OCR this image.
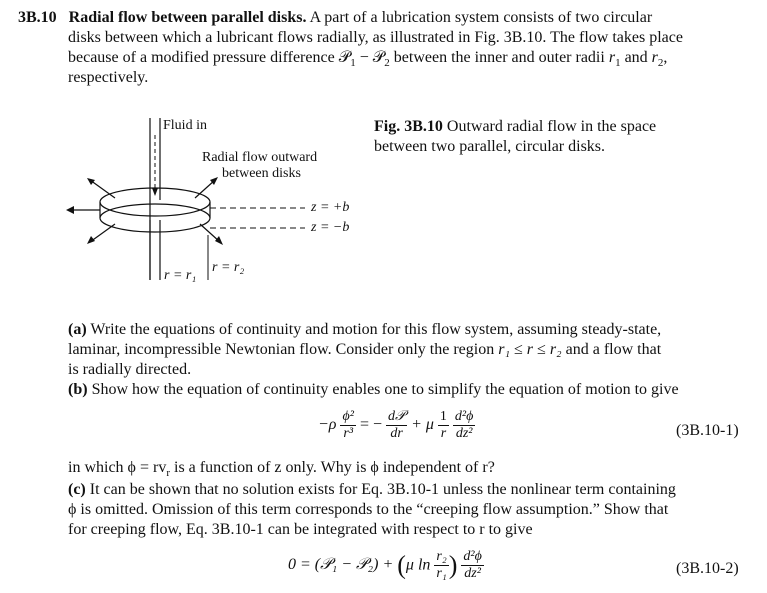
3B.10 Radial flow between parallel disks. A part of a lubrication system consists of two circular
disks between which a lubricant flows radially, as illustrated in Fig. 3B.10. The flow takes place
because of a modified pressure difference 𝒫$_1$ − 𝒫$_2$ between the inner and outer radii $r_1$ and $r_2$,
respectively.
Fluid in
Radial flow outward
between disks
z = +b
z = −b
r = r₁
r = r₂
Fig. 3B.10 Outward radial flow in the space
between two parallel, circular disks.
(a) Write the equations of continuity and motion for this flow system, assuming steady-state,
laminar, incompressible Newtonian flow. Consider only the region r₁ ≤ r ≤ r₂ and a flow that
is radially directed.
(b) Show how the equation of continuity enables one to simplify the equation of motion to give
$-\rho \frac{\text{ϕ²}}{\text{r³}}$ = − $\frac{\text{d𝒫}}{dr} + \mu \frac{1}{r}$
$\frac{\text{d²ϕ}}{\text{dz²}}$	(3B.10-1)
in which $\phi = rv_r$ is a function of z only. Why is ϕ independent of r?
(c) It can be shown that no solution exists for Eq. 3B.10-1 unless the nonlinear term containing
ϕ is omitted. Omission of this term corresponds to the “creeping flow assumption.” Show that
for creeping flow, Eq. 3B.10-1 can be integrated with respect to r to give
0 = (𝒫₁ − 𝒫₂) + (μ $\ln \frac{\text{r₂}}{\text{r₁}}$ ) $\frac{\text{d²ϕ}}{\text{dz²}}$	(3B.10-2)
